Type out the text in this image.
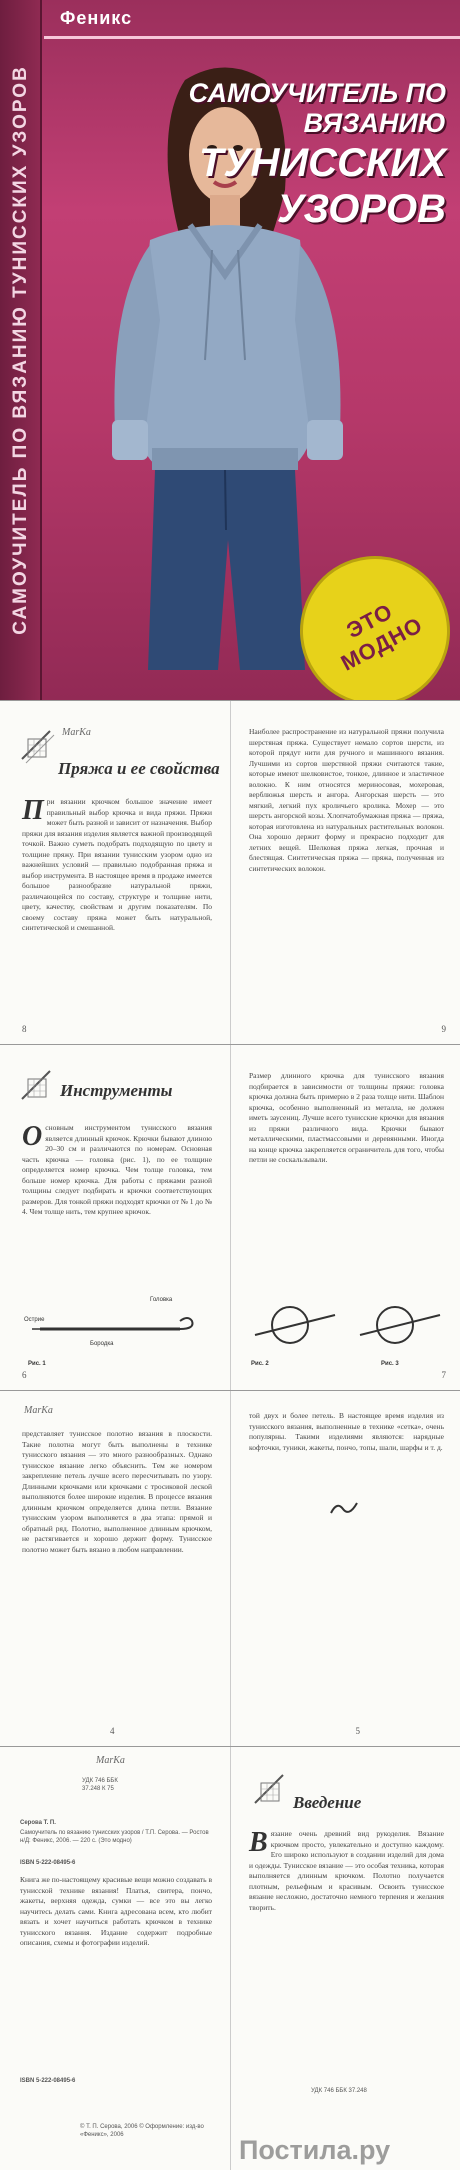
САМОУЧИТЕЛЬ ПО ВЯЗАНИЮ ТУНИССКИХ УЗОРОВ
Феникс
САМОУЧИТЕЛЬ ПО ВЯЗАНИЮ
ТУНИССКИХ
УЗОРОВ
ЭТО МОДНО
MarKa
Пряжа и ее свойства
При вязании крючком большое значение имеет правильный выбор крючка и вида пряжи. Пряжи может быть разной и зависит от назначения. Выбор пряжи для вязания изделия является важной производящей точкой. Важно суметь подобрать подходящую по цвету и толщине пряжу. При вязании тунисским узором одно из важнейших условий — правильно подобранная пряжа и выбор инструмента. В настоящее время в продаже имеется большое разнообразие натуральной пряжи, различающейся по составу, структуре и толщине нити, цвету, качеству, свойствам и другим показателям. По своему составу пряжа может быть натуральной, синтетической и смешанной.
8
Наиболее распространение из натуральной пряжи получила шерстяная пряжа. Существует немало сортов шерсти, из которой прядут нити для ручного и машинного вязания. Лучшими из сортов шерстяной пряжи считаются такие, которые имеют шелковистое, тонкое, длинное и эластичное волокно. К ним относятся мериносовая, мохеровая, верблюжья шерсть и ангора. Ангорская шерсть — это мягкий, легкий пух кроличьего кролика. Мохер — это шерсть ангорской козы. Хлопчатобумажная пряжа — пряжа, которая изготовлена из натуральных растительных волокон. Она хорошо держит форму и прекрасно подходит для летних вещей. Шелковая пряжа легкая, прочная и блестящая. Синтетическая пряжа — пряжа, полученная из синтетических волокон.
9
Инструменты
Основным инструментом тунисского вязания является длинный крючок. Крючки бывают длиною 20–30 см и различаются по номерам. Основная часть крючка — головка (рис. 1), по ее толщине определяется номер крючка. Чем толще головка, тем больше номер крючка. Для работы с пряжами разной толщины следует подбирать и крючки соответствующих размеров. Для тонкой пряжи подходят крючки от № 1 до № 4. Чем толще нить, тем крупнее крючок.
Головка
Бородка
Острие
Рис. 1
6
Размер длинного крючка для тунисского вязания подбирается в зависимости от толщины пряжи: головка крючка должна быть примерно в 2 раза толще нити. Шаблон крючка, особенно выполненный из металла, не должен иметь заусениц. Лучше всего тунисские крючки для вязания из пряжи различного вида. Крючки бывают металлическими, пластмассовыми и деревянными. Иногда на конце крючка закрепляется ограничитель для того, чтобы петли не соскальзывали.
Рис. 2	Рис. 3
7
MarKa
представляет тунисское полотно вязания в плоскости. Такие полотна могут быть выполнены в технике тунисского вязания — это много разнообразных. Однако тунисское вязание легко объяснить. Тем же номером закрепление петель лучше всего пересчитывать по узору. Длинными крючками или крючками с тросиковой леской выполняются более широкие изделия. В процессе вязания длинным крючком определяется длина петли. Вязание тунисским узором выполняется в два этапа: прямой и обратный ряд. Полотно, выполненное длинным крючком, не растягивается и хорошо держит форму. Тунисское полотно может быть вязано в любом направлении.
4
той двух и более петель. В настоящее время изделия из тунисского вязания, выполненные в технике «сетка», очень популярны. Такими изделиями являются: нарядные кофточки, туники, жакеты, пончо, топы, шали, шарфы и т. д.
5
MarKa
УДК 746 ББК 37.248 К 75
Серова Т. П.
Самоучитель по вязанию тунисских узоров / Т.П. Серова. — Ростов н/Д: Феникс, 2006. — 220 с. (Это модно)
ISBN 5-222-08495-6
Книга же по-настоящему красивые вещи можно создавать в тунисской технике вязания! Платья, свитера, пончо, жакеты, верхняя одежда, сумки — все это вы легко научитесь делать сами. Книга адресована всем, кто любит вязать и хочет научиться работать крючком в технике тунисского вязания. Издание содержит подробные описания, схемы и фотографии изделий.
ISBN 5-222-08495-6
© Т. П. Серова, 2006 © Оформление: изд-во «Феникс», 2006
Введение
Вязание очень древний вид рукоделия. Вязание крючком просто, увлекательно и доступно каждому. Его широко используют в создании изделий для дома и одежды. Тунисское вязание — это особая техника, которая выполняется длинным крючком. Полотно получается плотным, рельефным и красивым. Освоить тунисское вязание несложно, достаточно немного терпения и желания творить.
УДК 746 ББК 37.248
Постила.ру
